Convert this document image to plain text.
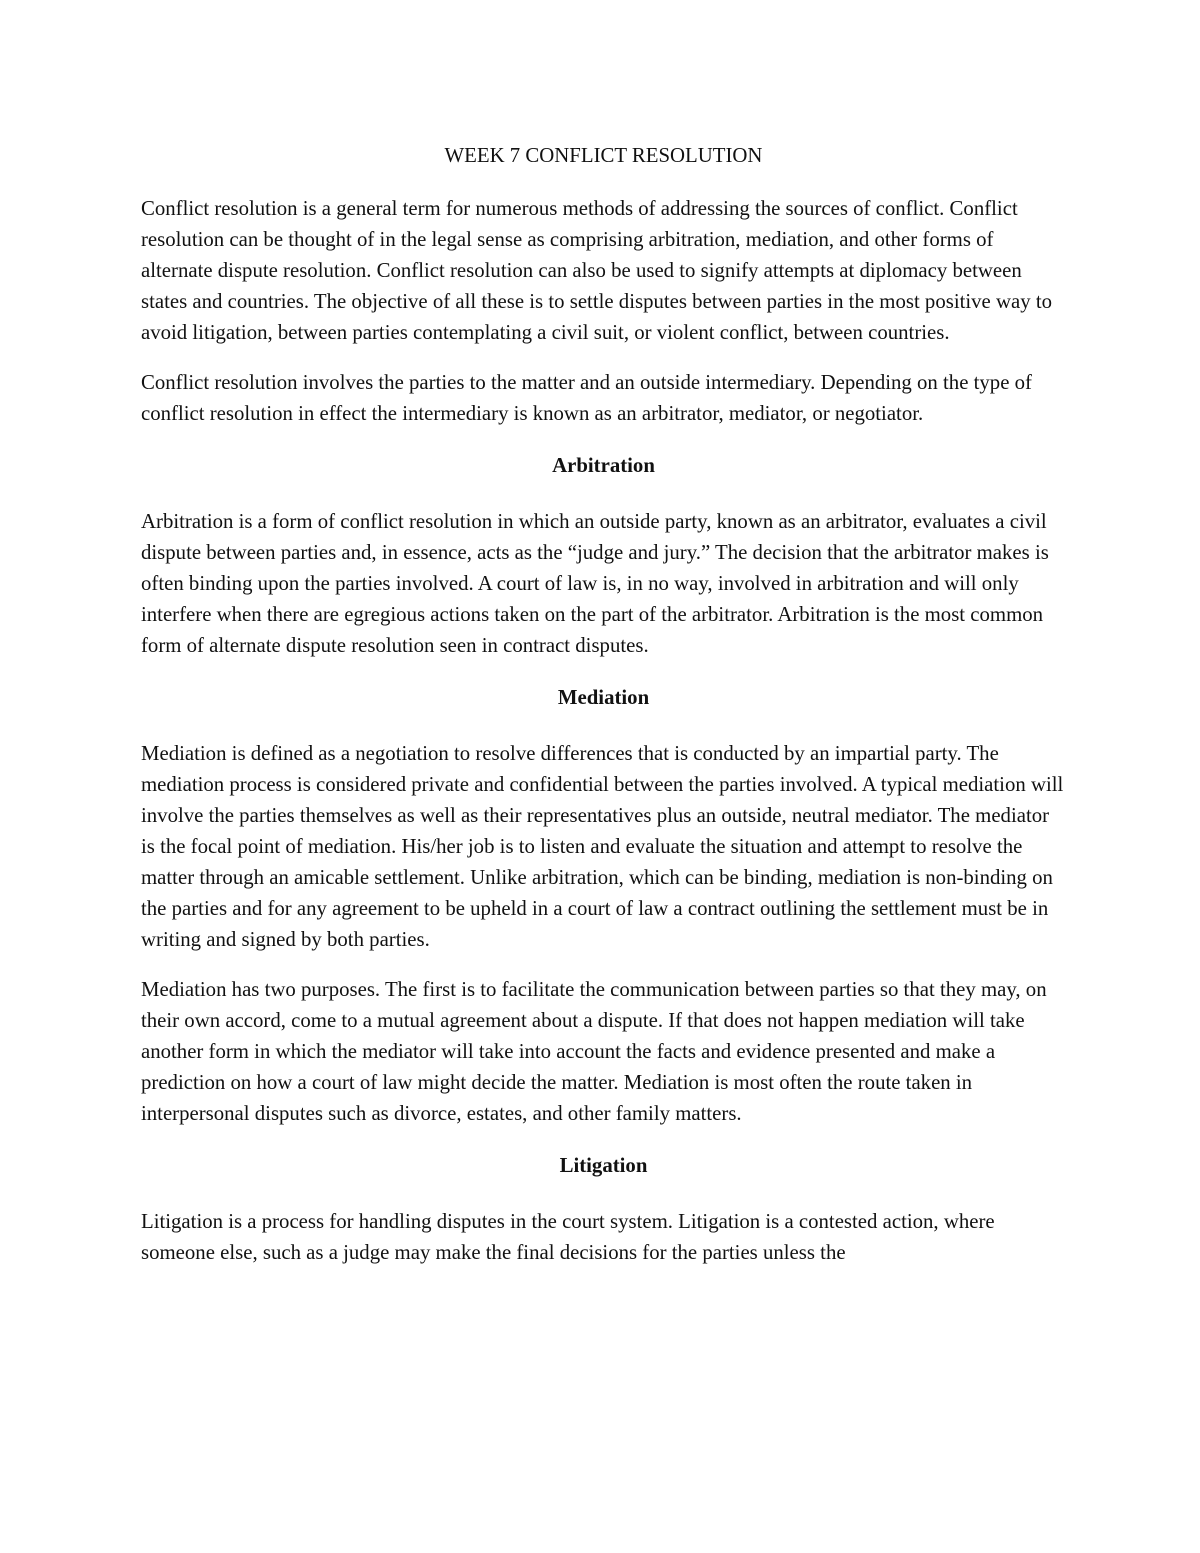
WEEK 7 CONFLICT RESOLUTION

Conflict resolution is a general term for numerous methods of addressing the sources of conflict. Conflict resolution can be thought of in the legal sense as comprising arbitration, mediation, and other forms of alternate dispute resolution. Conflict resolution can also be used to signify attempts at diplomacy between states and countries. The objective of all these is to settle disputes between parties in the most positive way to avoid litigation, between parties contemplating a civil suit, or violent conflict, between countries.

Conflict resolution involves the parties to the matter and an outside intermediary. Depending on the type of conflict resolution in effect the intermediary is known as an arbitrator, mediator, or negotiator.

Arbitration

Arbitration is a form of conflict resolution in which an outside party, known as an arbitrator, evaluates a civil dispute between parties and, in essence, acts as the “judge and jury.” The decision that the arbitrator makes is often binding upon the parties involved. A court of law is, in no way, involved in arbitration and will only interfere when there are egregious actions taken on the part of the arbitrator. Arbitration is the most common form of alternate dispute resolution seen in contract disputes.

Mediation

Mediation is defined as a negotiation to resolve differences that is conducted by an impartial party. The mediation process is considered private and confidential between the parties involved. A typical mediation will involve the parties themselves as well as their representatives plus an outside, neutral mediator. The mediator is the focal point of mediation. His/her job is to listen and evaluate the situation and attempt to resolve the matter through an amicable settlement. Unlike arbitration, which can be binding, mediation is non-binding on the parties and for any agreement to be upheld in a court of law a contract outlining the settlement must be in writing and signed by both parties.

Mediation has two purposes. The first is to facilitate the communication between parties so that they may, on their own accord, come to a mutual agreement about a dispute. If that does not happen mediation will take another form in which the mediator will take into account the facts and evidence presented and make a prediction on how a court of law might decide the matter. Mediation is most often the route taken in interpersonal disputes such as divorce, estates, and other family matters.

Litigation

Litigation is a process for handling disputes in the court system. Litigation is a contested action, where someone else, such as a judge may make the final decisions for the parties unless the
